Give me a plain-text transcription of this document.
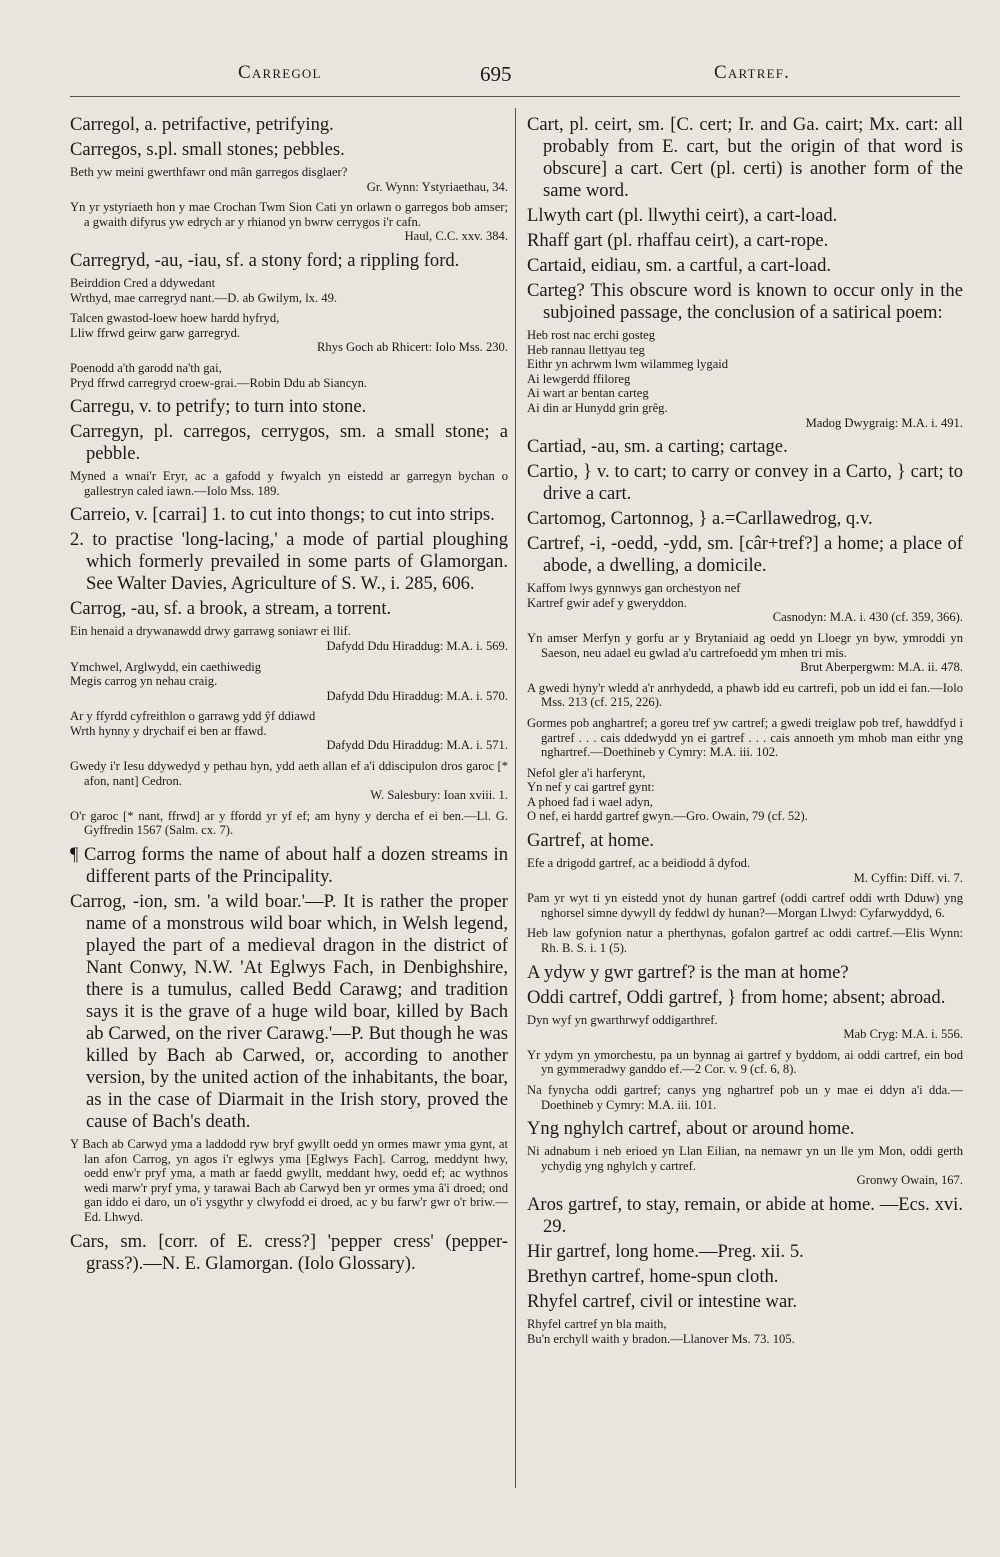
Carregol	695	Cartref.
Carregol, a. petrifactive, petrifying.
Carregos, s.pl. small stones; pebbles.
Beth yw meini gwerthfawr ond mân garregos disglaer?
Gr. Wynn: Ystyriaethau, 34.
Yn yr ystyriaeth hon y mae Crochan Twm Sion Cati yn orlawn o garregos bob amser; a gwaith difyrus yw edrych ar y rhianod yn bwrw cerrygos i'r cafn.
Haul, C.C. xxv. 384.
Carregryd, -au, -iau, sf. a stony ford; a rippling ford.
Beirddion Cred a ddywedant
Wrthyd, mae carregryd nant.—D. ab Gwilym, lx. 49.
Talcen gwastod-loew hoew hardd hyfryd,
Lliw ffrwd geirw garw garregryd.
Rhys Goch ab Rhicert: Iolo Mss. 230.
Poenodd a'th garodd na'th gai,
Pryd ffrwd carregryd croew-grai.—Robin Ddu ab Siancyn.
Carregu, v. to petrify; to turn into stone.
Carregyn, pl. carregos, cerrygos, sm. a small stone; a pebble.
Myned a wnai'r Eryr, ac a gafodd y fwyalch yn eistedd ar garregyn bychan o gallestryn caled iawn.—Iolo Mss. 189.
Carreio, v. [carrai] 1. to cut into thongs; to cut into strips.
2. to practise 'long-lacing,' a mode of partial ploughing which formerly prevailed in some parts of Glamorgan. See Walter Davies, Agriculture of S. W., i. 285, 606.
Carrog, -au, sf. a brook, a stream, a torrent.
Ein henaid a drywanawdd drwy garrawg soniawr ei llif.
Dafydd Ddu Hiraddug: M.A. i. 569.
Ymchwel, Arglwydd, ein caethiwedig
Megis carrog yn nehau craig.
Dafydd Ddu Hiraddug: M.A. i. 570.
Ar y ffyrdd cyfreithlon o garrawg ydd ŷf ddiawd
Wrth hynny y drychaif ei ben ar ffawd.
Dafydd Ddu Hiraddug: M.A. i. 571.
Gwedy i'r Iesu ddywedyd y pethau hyn, ydd aeth allan ef a'i ddiscipulon dros garoc [* afon, nant] Cedron.
W. Salesbury: Ioan xviii. 1.
O'r garoc [* nant, ffrwd] ar y ffordd yr yf ef; am hyny y dercha ef ei ben.—Ll. G. Gyffredin 1567 (Salm. cx. 7).
¶ Carrog forms the name of about half a dozen streams in different parts of the Principality.
Carrog, -ion, sm. 'a wild boar.'—P. It is rather the proper name of a monstrous wild boar which, in Welsh legend, played the part of a medieval dragon in the district of Nant Conwy, N.W. 'At Eglwys Fach, in Denbighshire, there is a tumulus, called Bedd Carawg; and tradition says it is the grave of a huge wild boar, killed by Bach ab Carwed, on the river Carawg.'—P. But though he was killed by Bach ab Carwed, or, according to another version, by the united action of the inhabitants, the boar, as in the case of Diarmait in the Irish story, proved the cause of Bach's death.
Y Bach ab Carwyd yma a laddodd ryw bryf gwyllt oedd yn ormes mawr yma gynt, at lan afon Carrog, yn agos i'r eglwys yma [Eglwys Fach]. Carrog, meddynt hwy, oedd enw'r pryf yma, a math ar faedd gwyllt, meddant hwy, oedd ef; ac wythnos wedi marw'r pryf yma, y tarawai Bach ab Carwyd ben yr ormes yma â'i droed; ond gan iddo ei daro, un o'i ysgythr y clwyfodd ei droed, ac y bu farw'r gwr o'r briw.—Ed. Lhwyd.
Cars, sm. [corr. of E. cress?] 'pepper cress' (pepper-grass?).—N. E. Glamorgan. (Iolo Glossary).
Cart, pl. ceirt, sm. [C. cert; Ir. and Ga. cairt; Mx. cart: all probably from E. cart, but the origin of that word is obscure] a cart. Cert (pl. certi) is another form of the same word.
Llwyth cart (pl. llwythi ceirt), a cart-load.
Rhaff gart (pl. rhaffau ceirt), a cart-rope.
Cartaid, eidiau, sm. a cartful, a cart-load.
Carteg? This obscure word is known to occur only in the subjoined passage, the conclusion of a satirical poem:
Heb rost nac erchi gosteg
Heb rannau llettyau teg
Eithr yn achrwm lwm wilammeg lygaid
Ai lewgerdd ffiloreg
Ai wart ar bentan carteg
Ai din ar Hunydd grin grêg.
Madog Dwygraig: M.A. i. 491.
Cartiad, -au, sm. a carting; cartage.
Cartio, } v. to cart; to carry or convey in a Carto, } cart; to drive a cart.
Cartomog, Cartonnog, } a.=Carllawedrog, q.v.
Cartref, -i, -oedd, -ydd, sm. [câr+tref?] a home; a place of abode, a dwelling, a domicile.
Kaffom lwys gynnwys gan orchestyon nef
Kartref gwir adef y gweryddon.
Casnodyn: M.A. i. 430 (cf. 359, 366).
Yn amser Merfyn y gorfu ar y Brytaniaid ag oedd yn Lloegr yn byw, ymroddi yn Saeson, neu adael eu gwlad a'u cartrefoedd ym mhen tri mis.
Brut Aberpergwm: M.A. ii. 478.
A gwedi hyny'r wledd a'r anrhydedd, a phawb idd eu cartrefi, pob un idd ei fan.—Iolo Mss. 213 (cf. 215, 226).
Gormes pob anghartref; a goreu tref yw cartref; a gwedi treiglaw pob tref, hawddfyd i gartref . . . cais ddedwydd yn ei gartref . . . cais annoeth ym mhob man eithr yng nghartref.—Doethineb y Cymry: M.A. iii. 102.
Nefol gler a'i harferynt,
Yn nef y cai gartref gynt:
A phoed fad i wael adyn,
O nef, ei hardd gartref gwyn.—Gro. Owain, 79 (cf. 52).
Gartref, at home.
Efe a drigodd gartref, ac a beidiodd â dyfod.
M. Cyffin: Diff. vi. 7.
Pam yr wyt ti yn eistedd ynot dy hunan gartref (oddi cartref oddi wrth Dduw) yng nghorsel simne dywyll dy feddwl dy hunan?—Morgan Llwyd: Cyfarwyddyd, 6.
Heb law gofynion natur a pherthynas, gofalon gartref ac oddi cartref.—Elis Wynn: Rh. B. S. i. 1 (5).
A ydyw y gwr gartref? is the man at home?
Oddi cartref, Oddi gartref, } from home; absent; abroad.
Dyn wyf yn gwarthrwyf oddigarthref.
Mab Cryg: M.A. i. 556.
Yr ydym yn ymorchestu, pa un bynnag ai gartref y byddom, ai oddi cartref, ein bod yn gymmeradwy ganddo ef.—2 Cor. v. 9 (cf. 6, 8).
Na fynycha oddi gartref; canys yng nghartref pob un y mae ei ddyn a'i dda.—Doethineb y Cymry: M.A. iii. 101.
Yng nghylch cartref, about or around home.
Ni adnabum i neb erioed yn Llan Eilian, na nemawr yn un lle ym Mon, oddi gerth ychydig yng nghylch y cartref.
Gronwy Owain, 167.
Aros gartref, to stay, remain, or abide at home. —Ecs. xvi. 29.
Hir gartref, long home.—Preg. xii. 5.
Brethyn cartref, home-spun cloth.
Rhyfel cartref, civil or intestine war.
Rhyfel cartref yn bla maith,
Bu'n erchyll waith y bradon.—Llanover Ms. 73. 105.
